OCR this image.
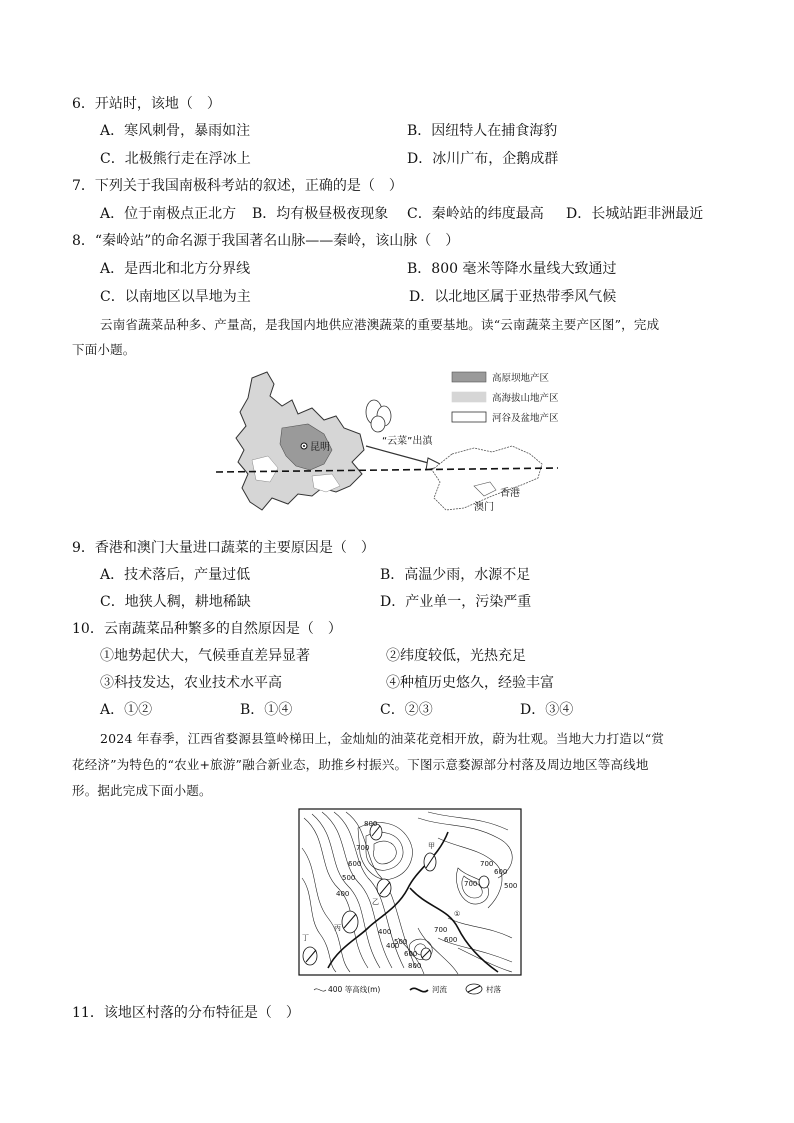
6．开站时，该地（　）
A．寒风刺骨，暴雨如注	B．因纽特人在捕食海豹
C．北极熊行走在浮冰上	D．冰川广布，企鹅成群
7．下列关于我国南极科考站的叙述，正确的是（　）
A．位于南极点正北方 B．均有极昼极夜现象 C．秦岭站的纬度最高 D．长城站距非洲最近
8．“秦岭站”的命名源于我国著名山脉——秦岭，该山脉（　）
A．是西北和北方分界线	B．800 毫米等降水量线大致通过
C．以南地区以旱地为主	D．以北地区属于亚热带季风气候
云南省蔬菜品种多、产量高，是我国内地供应港澳蔬菜的重要基地。读“云南蔬菜主要产区图”，完成
下面小题。
昆明
“云菜”出滇
香港
澳门
高原坝地产区
高海拔山地产区
河谷及盆地产区
9．香港和澳门大量进口蔬菜的主要原因是（　）
A．技术落后，产量过低	B．高温少雨，水源不足
C．地狭人稠，耕地稀缺	D．产业单一，污染严重
10．云南蔬菜品种繁多的自然原因是（　）
①地势起伏大，气候垂直差异显著	②纬度较低，光热充足
③科技发达，农业技术水平高	④种植历史悠久，经验丰富
A．①②	B．①④	C．②③	D．③④
2024 年春季，江西省婺源县篁岭梯田上，金灿灿的油菜花竞相开放，蔚为壮观。当地大力打造以“赏
花经济”为特色的“农业+旅游”融合新业态，助推乡村振兴。下图示意婺源部分村落及周边地区等高线地
形。据此完成下面小题。
800
700
600
500
400
700
600
500
600
600
700
500
400
800
700
400
甲
乙
丙
丁
①
400 等高线(m)	河流	村落
11．该地区村落的分布特征是（　）
